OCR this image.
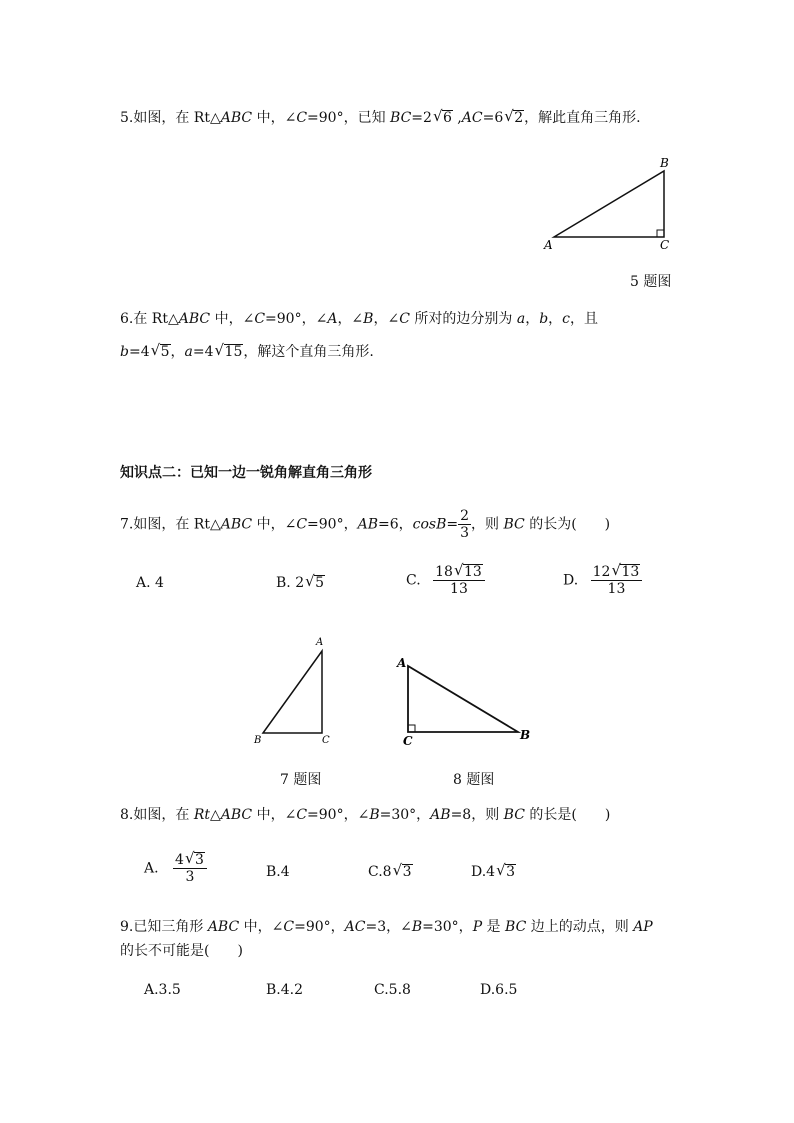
5.如图，在 Rt△ABC 中，∠C=90°，已知 BC=2 √ 6 ,AC=6 √ 2，解此直角三角形.
A
B
C
5 题图
6.在 Rt△ABC 中，∠C=90°，∠A，∠B，∠C 所对的边分别为 a，b，c，且
b=4 √ 5，a=4 √ 15，解这个直角三角形.
知识点二：已知一边一锐角解直角三角形
7.如图，在 Rt△ABC 中，∠C=90°，AB=6，$\cos B= \frac{2}{3}$ ，则 BC 的长为(　　)
A. 4	B. 2 √ 5	C. $\frac{18 √ 13}{13}$	D. $\frac{12 √ 13}{13}$
A
B	C
A
B
C
7 题图	8 题图
8.如图，在 Rt△ABC 中，∠C=90°，∠B=30°，AB=8，则 BC 的长是(　　)
A. $\frac{4 √ 3}{3}$	B.4	C.8 √ 3	D.4 √ 3
9.已知三角形 ABC 中，∠C=90°，AC=3，∠B=30°，P 是 BC 边上的动点，则 AP
的长不可能是(　　)
A.3.5	B.4.2	C.5.8	D.6.5
